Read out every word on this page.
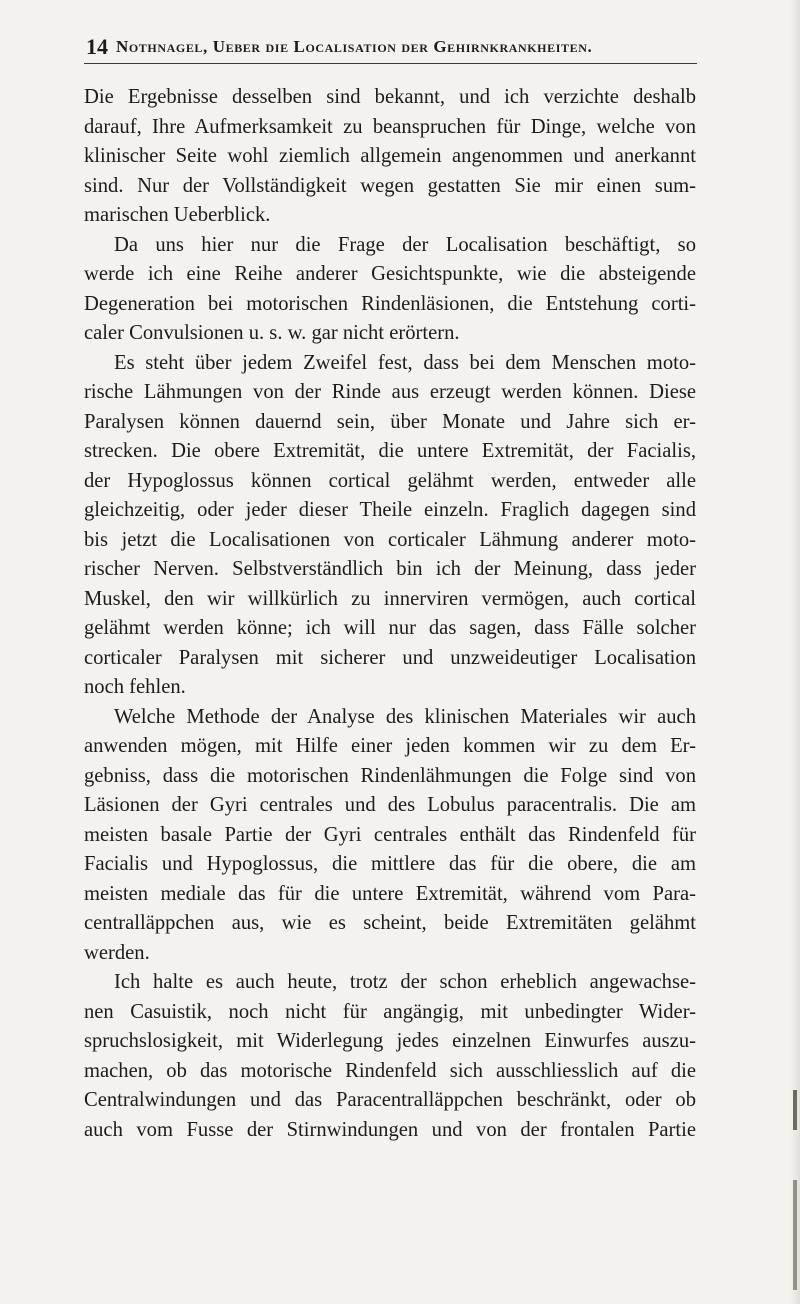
14 Nothnagel, Ueber die Localisation der Gehirnkrankheiten.
Die Ergebnisse desselben sind bekannt, und ich verzichte deshalb
darauf, Ihre Aufmerksamkeit zu beanspruchen für Dinge, welche von
klinischer Seite wohl ziemlich allgemein angenommen und anerkannt
sind. Nur der Vollständigkeit wegen gestatten Sie mir einen sum-
marischen Ueberblick.
Da uns hier nur die Frage der Localisation beschäftigt, so
werde ich eine Reihe anderer Gesichtspunkte, wie die absteigende
Degeneration bei motorischen Rindenläsionen, die Entstehung corti-
caler Convulsionen u. s. w. gar nicht erörtern.
Es steht über jedem Zweifel fest, dass bei dem Menschen moto-
rische Lähmungen von der Rinde aus erzeugt werden können. Diese
Paralysen können dauernd sein, über Monate und Jahre sich er-
strecken. Die obere Extremität, die untere Extremität, der Facialis,
der Hypoglossus können cortical gelähmt werden, entweder alle
gleichzeitig, oder jeder dieser Theile einzeln. Fraglich dagegen sind
bis jetzt die Localisationen von corticaler Lähmung anderer moto-
rischer Nerven. Selbstverständlich bin ich der Meinung, dass jeder
Muskel, den wir willkürlich zu innerviren vermögen, auch cortical
gelähmt werden könne; ich will nur das sagen, dass Fälle solcher
corticaler Paralysen mit sicherer und unzweideutiger Localisation
noch fehlen.
Welche Methode der Analyse des klinischen Materiales wir auch
anwenden mögen, mit Hilfe einer jeden kommen wir zu dem Er-
gebniss, dass die motorischen Rindenlähmungen die Folge sind von
Läsionen der Gyri centrales und des Lobulus paracentralis. Die am
meisten basale Partie der Gyri centrales enthält das Rindenfeld für
Facialis und Hypoglossus, die mittlere das für die obere, die am
meisten mediale das für die untere Extremität, während vom Para-
centralläppchen aus, wie es scheint, beide Extremitäten gelähmt
werden.
Ich halte es auch heute, trotz der schon erheblich angewachse-
nen Casuistik, noch nicht für angängig, mit unbedingter Wider-
spruchslosigkeit, mit Widerlegung jedes einzelnen Einwurfes auszu-
machen, ob das motorische Rindenfeld sich ausschliesslich auf die
Centralwindungen und das Paracentralläppchen beschränkt, oder ob
auch vom Fusse der Stirnwindungen und von der frontalen Partie
